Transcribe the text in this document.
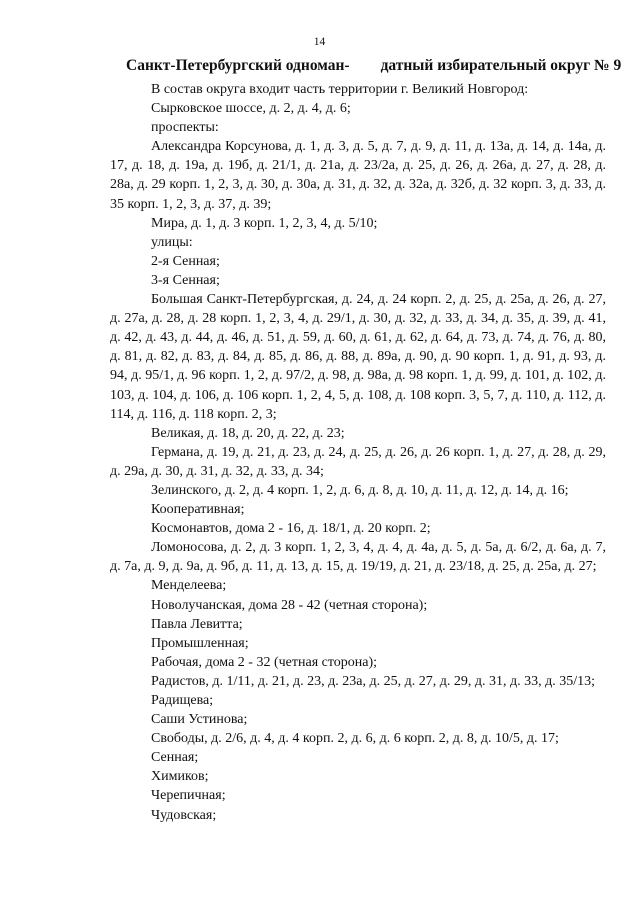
14
Санкт-Петербургский одноман-        датный избирательный округ № 9

В состав округа входит часть территории г. Великий Новгород:

Сырковское шоссе, д. 2, д. 4, д. 6;

проспекты:

Александра Корсунова, д. 1, д. 3, д. 5, д. 7, д. 9, д. 11, д. 13а, д. 14, д. 14а, д. 17, д. 18, д. 19а, д. 19б, д. 21/1, д. 21а, д. 23/2а, д. 25, д. 26, д. 26а, д. 27, д. 28, д. 28а, д. 29 корп. 1, 2, 3, д. 30, д. 30а, д. 31, д. 32, д. 32а, д. 32б, д. 32 корп. 3, д. 33, д. 35 корп. 1, 2, 3, д. 37, д. 39;

Мира, д. 1, д. 3 корп. 1, 2, 3, 4, д. 5/10;

улицы:

2-я Сенная;

3-я Сенная;

Большая Санкт-Петербургская, д. 24, д. 24 корп. 2, д. 25, д. 25а, д. 26, д. 27, д. 27а, д. 28, д. 28 корп. 1, 2, 3, 4, д. 29/1, д. 30, д. 32, д. 33, д. 34, д. 35, д. 39, д. 41, д. 42, д. 43, д. 44, д. 46, д. 51, д. 59, д. 60, д. 61, д. 62, д. 64, д. 73, д. 74, д. 76, д. 80, д. 81, д. 82, д. 83, д. 84, д. 85, д. 86, д. 88, д. 89а, д. 90, д. 90 корп. 1, д. 91, д. 93, д. 94, д. 95/1, д. 96 корп. 1, 2, д. 97/2, д. 98, д. 98а, д. 98 корп. 1, д. 99, д. 101, д. 102, д. 103, д. 104, д. 106, д. 106 корп. 1, 2, 4, 5, д. 108, д. 108 корп. 3, 5, 7, д. 110, д. 112, д. 114, д. 116, д. 118 корп. 2, 3;

Великая, д. 18, д. 20, д. 22, д. 23;

Германа, д. 19, д. 21, д. 23, д. 24, д. 25, д. 26, д. 26 корп. 1, д. 27, д. 28, д. 29, д. 29а, д. 30, д. 31, д. 32, д. 33, д. 34;

Зелинского, д. 2, д. 4 корп. 1, 2, д. 6, д. 8, д. 10, д. 11, д. 12, д. 14, д. 16;

Кооперативная;

Космонавтов, дома 2 - 16, д. 18/1, д. 20 корп. 2;

Ломоносова, д. 2, д. 3 корп. 1, 2, 3, 4, д. 4, д. 4а, д. 5, д. 5а, д. 6/2, д. 6а, д. 7, д. 7а, д. 9, д. 9а, д. 9б, д. 11, д. 13, д. 15, д. 19/19, д. 21, д. 23/18, д. 25, д. 25а, д. 27;

Менделеева;

Новолучанская, дома 28 - 42 (четная сторона);

Павла Левитта;

Промышленная;

Рабочая, дома 2 - 32 (четная сторона);

Радистов, д. 1/11, д. 21, д. 23, д. 23а, д. 25, д. 27, д. 29, д. 31, д. 33, д. 35/13;

Радищева;

Саши Устинова;

Свободы, д. 2/6, д. 4, д. 4 корп. 2, д. 6, д. 6 корп. 2, д. 8, д. 10/5, д. 17;

Сенная;

Химиков;

Черепичная;

Чудовская;
